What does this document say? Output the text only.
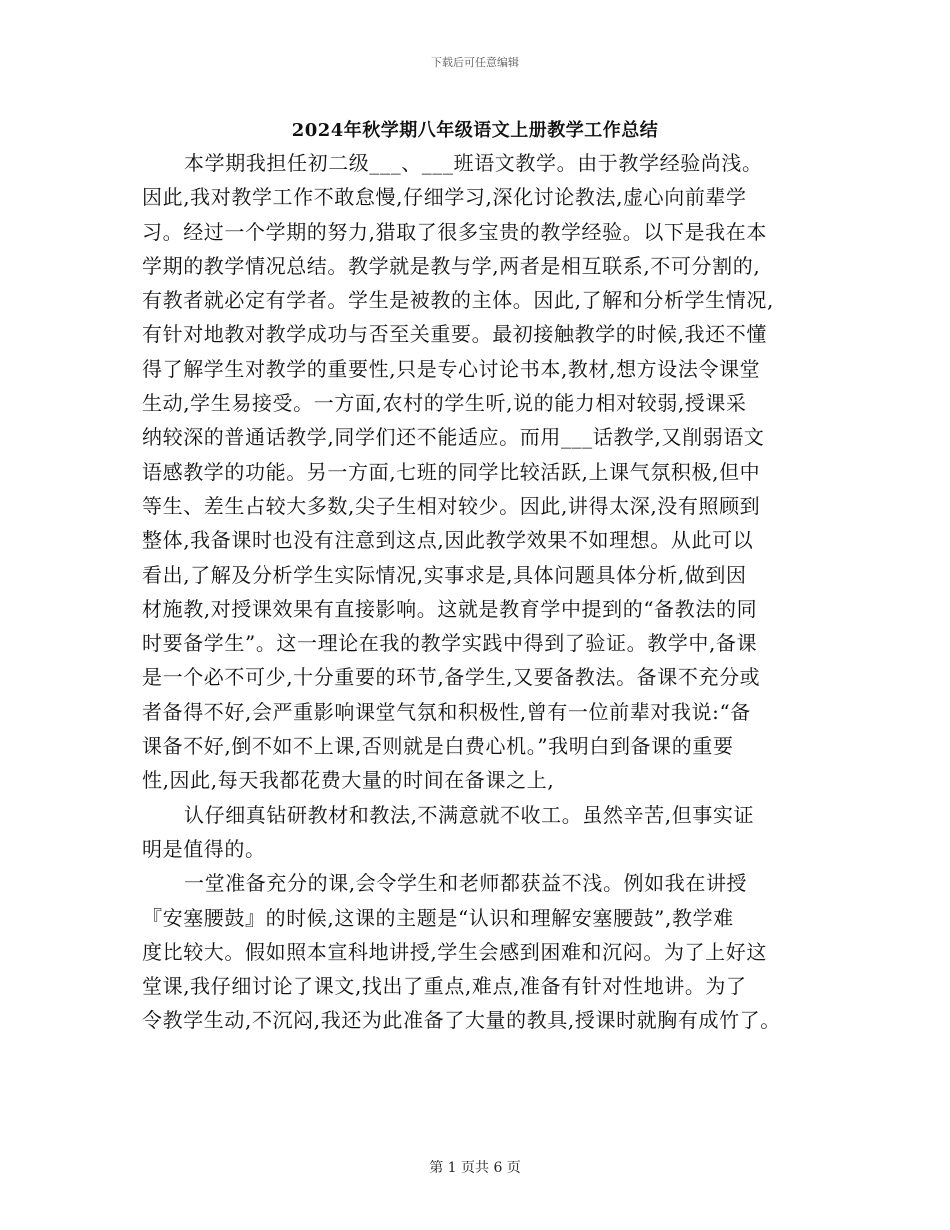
下载后可任意编辑
2024年秋学期八年级语文上册教学工作总结
本学期我担任初二级___、___班语文教学。由于教学经验尚浅。
因此,我对教学工作不敢怠慢,仔细学习,深化讨论教法,虚心向前辈学
习。经过一个学期的努力,猎取了很多宝贵的教学经验。以下是我在本
学期的教学情况总结。教学就是教与学,两者是相互联系,不可分割的,
有教者就必定有学者。学生是被教的主体。因此,了解和分析学生情况,
有针对地教对教学成功与否至关重要。最初接触教学的时候,我还不懂
得了解学生对教学的重要性,只是专心讨论书本,教材,想方设法令课堂
生动,学生易接受。一方面,农村的学生听,说的能力相对较弱,授课采
纳较深的普通话教学,同学们还不能适应。而用___话教学,又削弱语文
语感教学的功能。另一方面,七班的同学比较活跃,上课气氛积极,但中
等生、差生占较大多数,尖子生相对较少。因此,讲得太深,没有照顾到
整体,我备课时也没有注意到这点,因此教学效果不如理想。从此可以
看出,了解及分析学生实际情况,实事求是,具体问题具体分析,做到因
材施教,对授课效果有直接影响。这就是教育学中提到的“备教法的同
时要备学生”。这一理论在我的教学实践中得到了验证。教学中,备课
是一个必不可少,十分重要的环节,备学生,又要备教法。备课不充分或
者备得不好,会严重影响课堂气氛和积极性,曾有一位前辈对我说:“备
课备不好,倒不如不上课,否则就是白费心机。”我明白到备课的重要
性,因此,每天我都花费大量的时间在备课之上,
认仔细真钻研教材和教法,不满意就不收工。虽然辛苦,但事实证
明是值得的。
一堂准备充分的课,会令学生和老师都获益不浅。例如我在讲授
『安塞腰鼓』的时候,这课的主题是“认识和理解安塞腰鼓”,教学难
度比较大。假如照本宣科地讲授,学生会感到困难和沉闷。为了上好这
堂课,我仔细讨论了课文,找出了重点,难点,准备有针对性地讲。为了
令教学生动,不沉闷,我还为此准备了大量的教具,授课时就胸有成竹了。
第 1 页共 6 页
